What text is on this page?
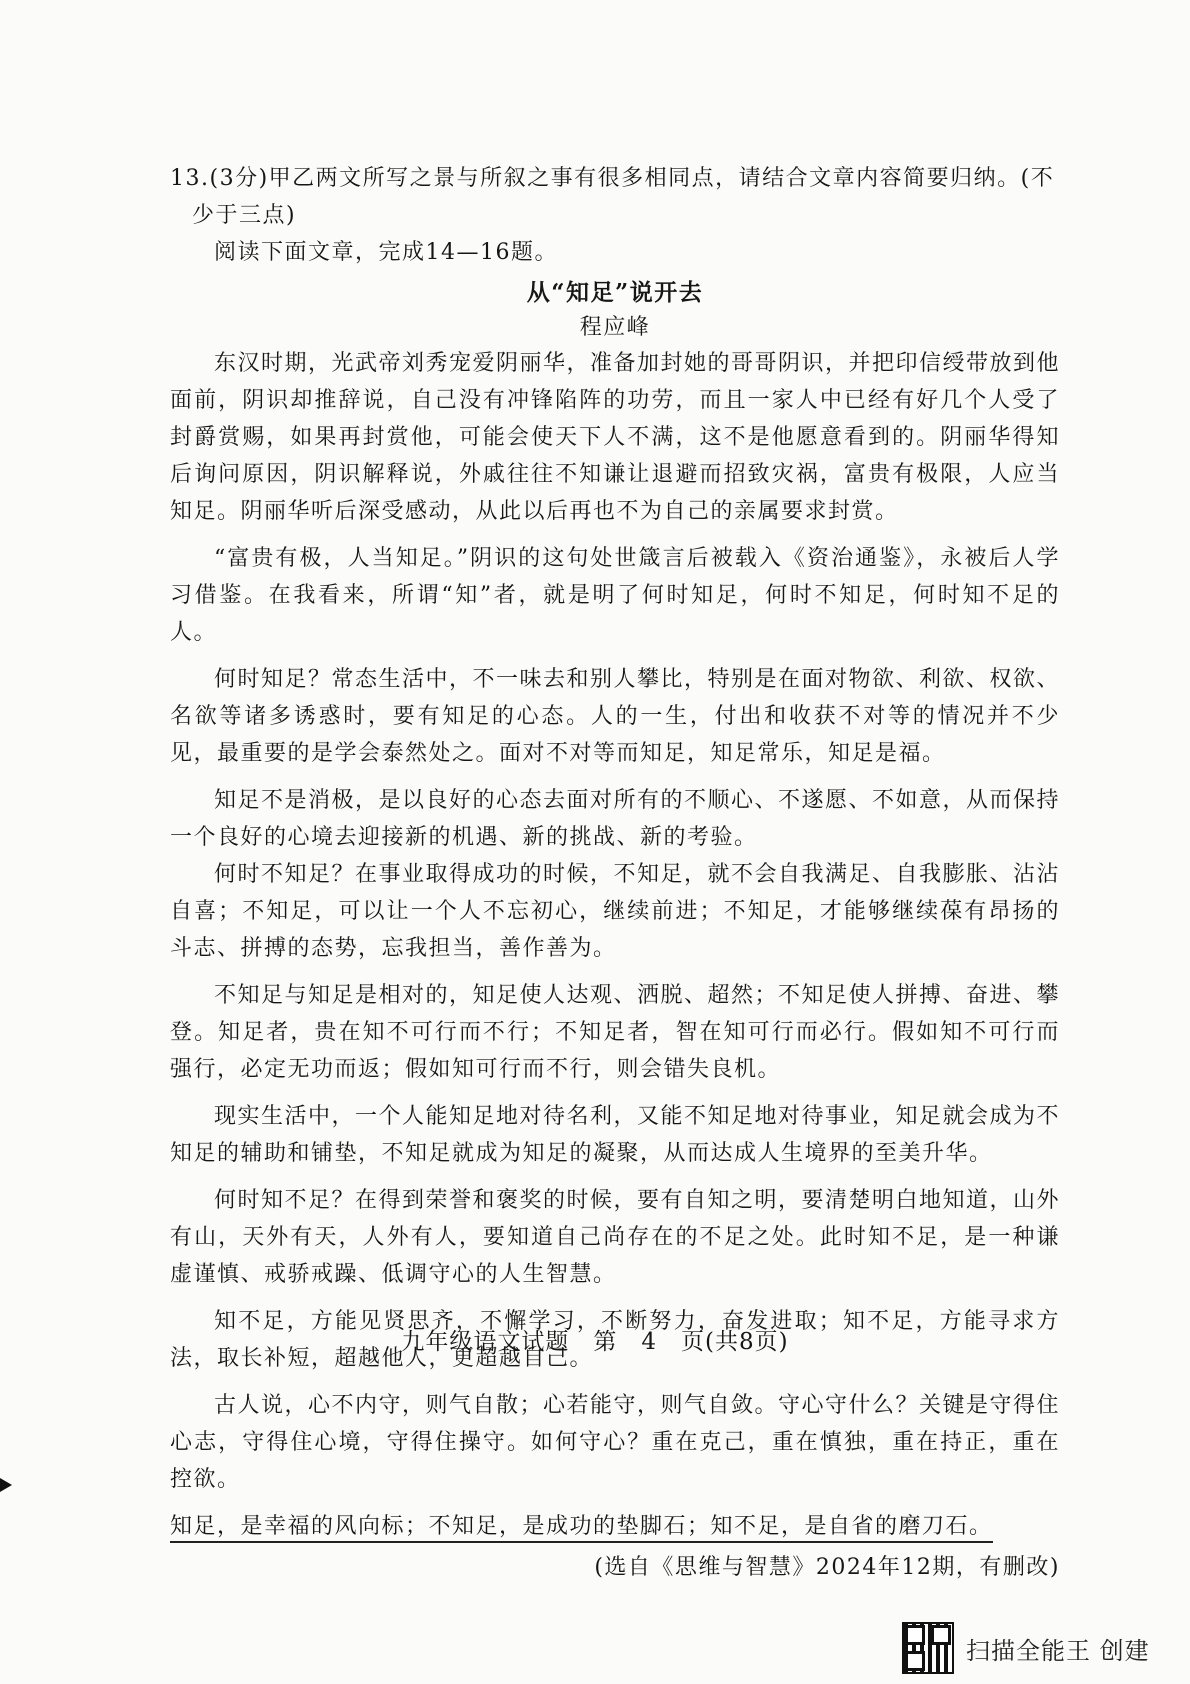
13.(3分)甲乙两文所写之景与所叙之事有很多相同点，请结合文章内容简要归纳。(不少于三点)

阅读下面文章，完成14—16题。

从“知足”说开去
程应峰

东汉时期，光武帝刘秀宠爱阴丽华，准备加封她的哥哥阴识，并把印信绶带放到他面前，阴识却推辞说，自己没有冲锋陷阵的功劳，而且一家人中已经有好几个人受了封爵赏赐，如果再封赏他，可能会使天下人不满，这不是他愿意看到的。阴丽华得知后询问原因，阴识解释说，外戚往往不知谦让退避而招致灾祸，富贵有极限，人应当知足。阴丽华听后深受感动，从此以后再也不为自己的亲属要求封赏。

“富贵有极，人当知足。”阴识的这句处世箴言后被载入《资治通鉴》，永被后人学习借鉴。在我看来，所谓“知”者，就是明了何时知足，何时不知足，何时知不足的人。

何时知足？常态生活中，不一味去和别人攀比，特别是在面对物欲、利欲、权欲、名欲等诸多诱惑时，要有知足的心态。人的一生，付出和收获不对等的情况并不少见，最重要的是学会泰然处之。面对不对等而知足，知足常乐，知足是福。

知足不是消极，是以良好的心态去面对所有的不顺心、不遂愿、不如意，从而保持一个良好的心境去迎接新的机遇、新的挑战、新的考验。

何时不知足？在事业取得成功的时候，不知足，就不会自我满足、自我膨胀、沾沾自喜；不知足，可以让一个人不忘初心，继续前进；不知足，才能够继续葆有昂扬的斗志、拼搏的态势，忘我担当，善作善为。

不知足与知足是相对的，知足使人达观、洒脱、超然；不知足使人拼搏、奋进、攀登。知足者，贵在知不可行而不行；不知足者，智在知可行而必行。假如知不可行而强行，必定无功而返；假如知可行而不行，则会错失良机。

现实生活中，一个人能知足地对待名利，又能不知足地对待事业，知足就会成为不知足的辅助和铺垫，不知足就成为知足的凝聚，从而达成人生境界的至美升华。

何时知不足？在得到荣誉和褒奖的时候，要有自知之明，要清楚明白地知道，山外有山，天外有天，人外有人，要知道自己尚存在的不足之处。此时知不足，是一种谦虚谨慎、戒骄戒躁、低调守心的人生智慧。

知不足，方能见贤思齐，不懈学习，不断努力，奋发进取；知不足，方能寻求方法，取长补短，超越他人，更超越自己。

古人说，心不内守，则气自散；心若能守，则气自敛。守心守什么？关键是守得住心志，守得住心境，守得住操守。如何守心？重在克己，重在慎独，重在持正，重在控欲。

知足，是幸福的风向标；不知足，是成功的垫脚石；知不足，是自省的磨刀石。

(选自《思维与智慧》2024年12期，有删改)

九年级语文试题　第　4　页(共8页)
扫描全能王 创建
